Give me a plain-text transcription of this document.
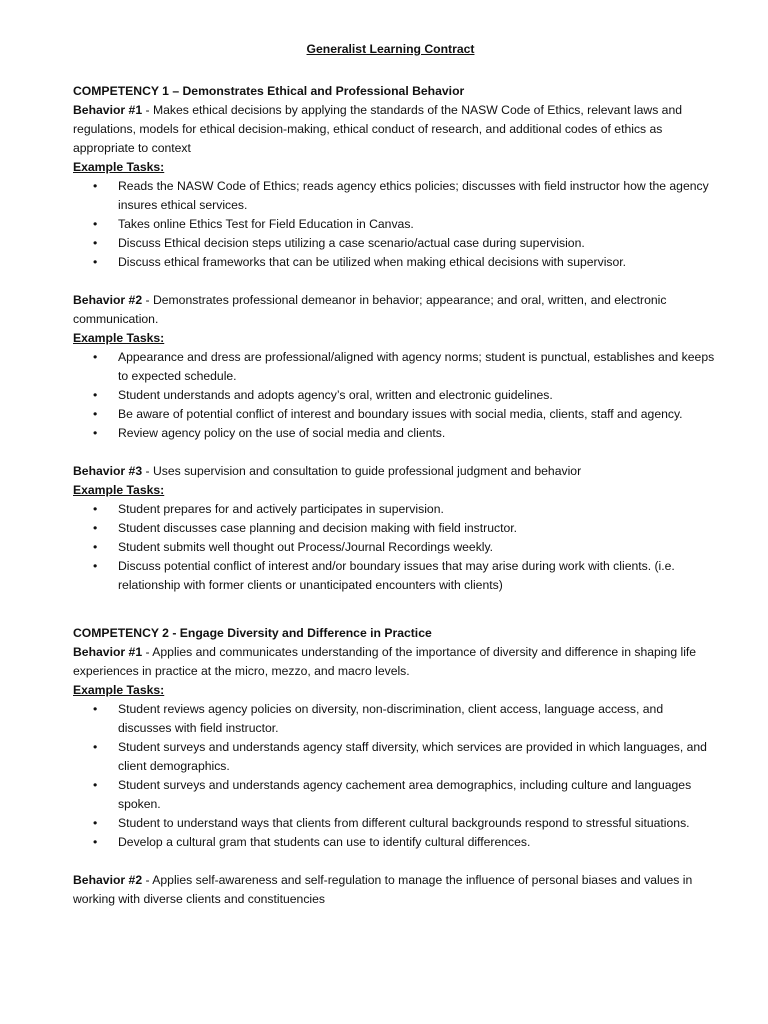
Generalist Learning Contract
COMPETENCY 1 – Demonstrates Ethical and Professional Behavior
Behavior #1 - Makes ethical decisions by applying the standards of the NASW Code of Ethics, relevant laws and regulations, models for ethical decision-making, ethical conduct of research, and additional codes of ethics as appropriate to context
Example Tasks:
• Reads the NASW Code of Ethics; reads agency ethics policies; discusses with field instructor how the agency insures ethical services.
• Takes online Ethics Test for Field Education in Canvas.
• Discuss Ethical decision steps utilizing a case scenario/actual case during supervision.
• Discuss ethical frameworks that can be utilized when making ethical decisions with supervisor.
Behavior #2 - Demonstrates professional demeanor in behavior; appearance; and oral, written, and electronic communication.
Example Tasks:
• Appearance and dress are professional/aligned with agency norms; student is punctual, establishes and keeps to expected schedule.
• Student understands and adopts agency’s oral, written and electronic guidelines.
• Be aware of potential conflict of interest and boundary issues with social media, clients, staff and agency.
• Review agency policy on the use of social media and clients.
Behavior #3 - Uses supervision and consultation to guide professional judgment and behavior
Example Tasks:
• Student prepares for and actively participates in supervision.
• Student discusses case planning and decision making with field instructor.
• Student submits well thought out Process/Journal Recordings weekly.
• Discuss potential conflict of interest and/or boundary issues that may arise during work with clients. (i.e. relationship with former clients or unanticipated encounters with clients)
COMPETENCY 2 - Engage Diversity and Difference in Practice
Behavior #1 - Applies and communicates understanding of the importance of diversity and difference in shaping life experiences in practice at the micro, mezzo, and macro levels.
Example Tasks:
• Student reviews agency policies on diversity, non-discrimination, client access, language access, and discusses with field instructor.
• Student surveys and understands agency staff diversity, which services are provided in which languages, and client demographics.
• Student surveys and understands agency cachement area demographics, including culture and languages spoken.
• Student to understand ways that clients from different cultural backgrounds respond to stressful situations.
• Develop a cultural gram that students can use to identify cultural differences.
Behavior #2 - Applies self-awareness and self-regulation to manage the influence of personal biases and values in working with diverse clients and constituencies
